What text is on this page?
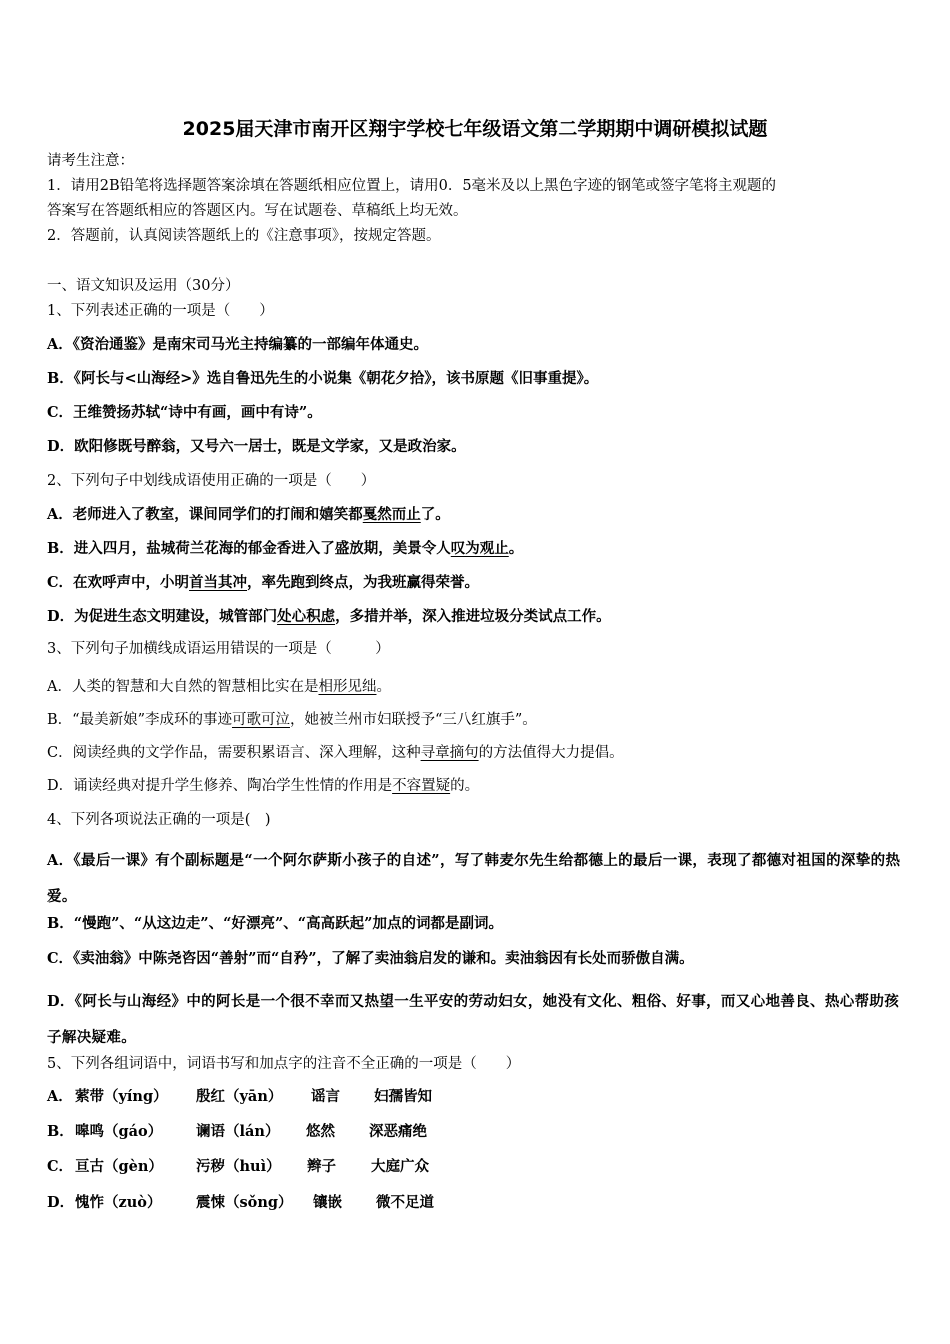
2025届天津市南开区翔宇学校七年级语文第二学期期中调研模拟试题
请考生注意：
1．请用2B铅笔将选择题答案涂填在答题纸相应位置上，请用0．5毫米及以上黑色字迹的钢笔或签字笔将主观题的
答案写在答题纸相应的答题区内。写在试题卷、草稿纸上均无效。
2．答题前，认真阅读答题纸上的《注意事项》，按规定答题。
一、语文知识及运用（30分）
1、下列表述正确的一项是（　　）
A．《资治通鉴》是南宋司马光主持编纂的一部编年体通史。
B．《阿长与<山海经>》选自鲁迅先生的小说集《朝花夕拾》，该书原题《旧事重提》。
C．王维赞扬苏轼“诗中有画，画中有诗”。
D．欧阳修既号醉翁，又号六一居士，既是文学家，又是政治家。
2、下列句子中划线成语使用正确的一项是（　　）
A．老师进入了教室，课间同学们的打闹和嬉笑都戛然而止了。
B．进入四月，盐城荷兰花海的郁金香进入了盛放期，美景令人叹为观止。
C．在欢呼声中，小明首当其冲，率先跑到终点，为我班赢得荣誉。
D．为促进生态文明建设，城管部门处心积虑，多措并举，深入推进垃圾分类试点工作。
3、下列句子加横线成语运用错误的一项是（　　　）
A．人类的智慧和大自然的智慧相比实在是相形见绌。
B．“最美新娘”李成环的事迹可歌可泣，她被兰州市妇联授予“三八红旗手”。
C．阅读经典的文学作品，需要积累语言、深入理解，这种寻章摘句的方法值得大力提倡。
D．诵读经典对提升学生修养、陶冶学生性情的作用是不容置疑的。
4、下列各项说法正确的一项是(　)
A．《最后一课》有个副标题是“一个阿尔萨斯小孩子的自述”，写了韩麦尔先生给都德上的最后一课，表现了都德对祖国的深挚的热爱。
B．“慢跑”、“从这边走”、“好漂亮”、“高高跃起”加点的词都是副词。
C．《卖油翁》中陈尧咨因“善射”而“自矜”，了解了卖油翁启发的谦和。卖油翁因有长处而骄傲自满。
D．《阿长与山海经》中的阿长是一个很不幸而又热望一生平安的劳动妇女，她没有文化、粗俗、好事，而又心地善良、热心帮助孩子解决疑难。
5、下列各组词语中，词语书写和加点字的注音不全正确的一项是（　　）
A． 萦带（yíng） 殷红（yān） 谣言 妇孺皆知
B． 嗥鸣（gáo） 谰语（lán） 悠然 深恶痛绝
C． 亘古（gèn） 污秽（huì） 辫子 大庭广众
D． 愧怍（zuò） 震悚（sǒng） 镶嵌 微不足道
